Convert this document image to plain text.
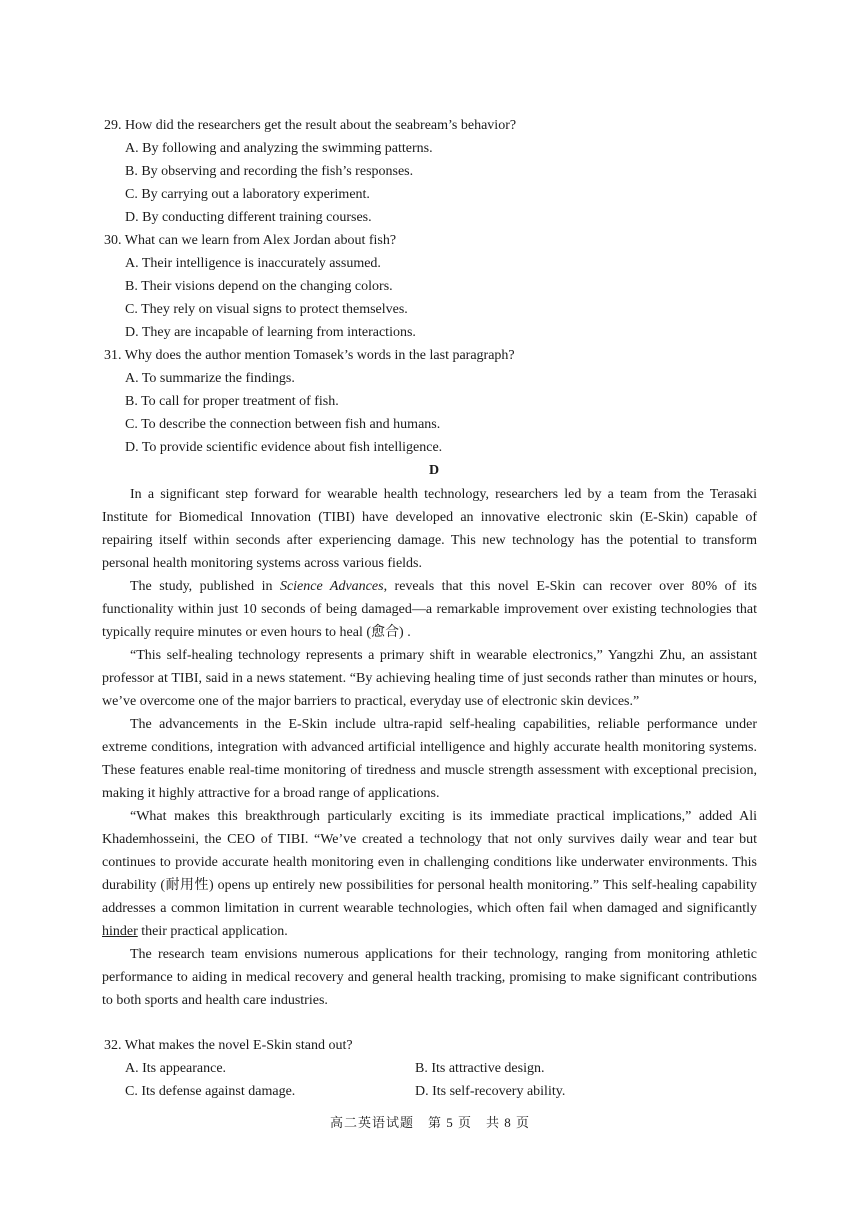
29. How did the researchers get the result about the seabream’s behavior?
A. By following and analyzing the swimming patterns.
B. By observing and recording the fish’s responses.
C. By carrying out a laboratory experiment.
D. By conducting different training courses.
30. What can we learn from Alex Jordan about fish?
A. Their intelligence is inaccurately assumed.
B. Their visions depend on the changing colors.
C. They rely on visual signs to protect themselves.
D. They are incapable of learning from interactions.
31. Why does the author mention Tomasek’s words in the last paragraph?
A. To summarize the findings.
B. To call for proper treatment of fish.
C. To describe the connection between fish and humans.
D. To provide scientific evidence about fish intelligence.
D

In a significant step forward for wearable health technology, researchers led by a team from the Terasaki Institute for Biomedical Innovation (TIBI) have developed an innovative electronic skin (E-Skin) capable of repairing itself within seconds after experiencing damage. This new technology has the potential to transform personal health monitoring systems across various fields.

The study, published in Science Advances, reveals that this novel E-Skin can recover over 80% of its functionality within just 10 seconds of being damaged—a remarkable improvement over existing technologies that typically require minutes or even hours to heal (愈合) .

“This self-healing technology represents a primary shift in wearable electronics,” Yangzhi Zhu, an assistant professor at TIBI, said in a news statement. “By achieving healing time of just seconds rather than minutes or hours, we’ve overcome one of the major barriers to practical, everyday use of electronic skin devices.”

The advancements in the E-Skin include ultra-rapid self-healing capabilities, reliable performance under extreme conditions, integration with advanced artificial intelligence and highly accurate health monitoring systems. These features enable real-time monitoring of tiredness and muscle strength assessment with exceptional precision, making it highly attractive for a broad range of applications.

“What makes this breakthrough particularly exciting is its immediate practical implications,” added Ali Khademhosseini, the CEO of TIBI. “We’ve created a technology that not only survives daily wear and tear but continues to provide accurate health monitoring even in challenging conditions like underwater environments. This durability (耐用性) opens up entirely new possibilities for personal health monitoring.” This self-healing capability addresses a common limitation in current wearable technologies, which often fail when damaged and significantly hinder their practical application.

The research team envisions numerous applications for their technology, ranging from monitoring athletic performance to aiding in medical recovery and general health tracking, promising to make significant contributions to both sports and health care industries.

32. What makes the novel E-Skin stand out?
A. Its appearance.	B. Its attractive design.
C. Its defense against damage.	D. Its self-recovery ability.
高二英语试题　第 5 页　共 8 页
